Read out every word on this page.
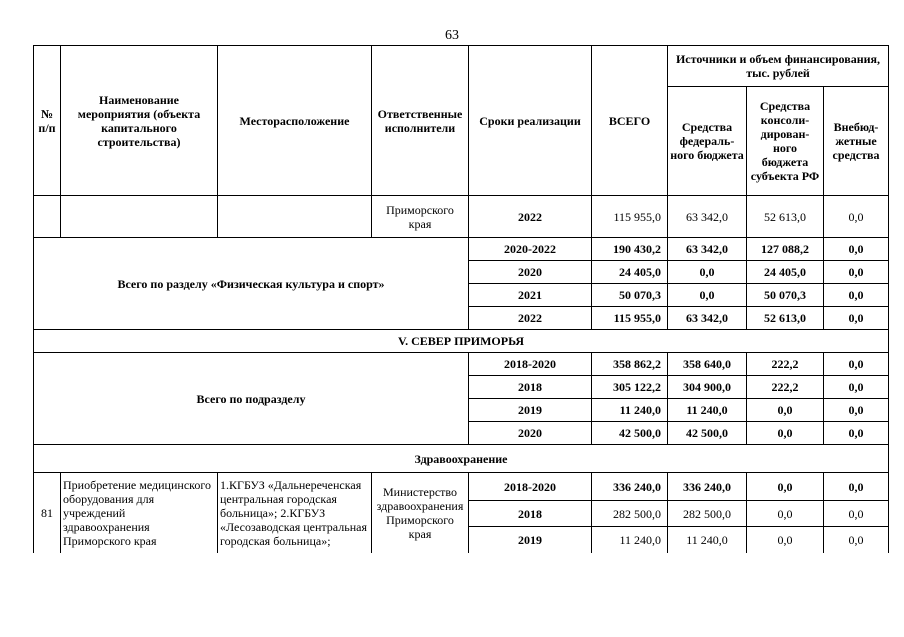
63
№ п/п	Наименование мероприятия (объекта капитального строительства)	Месторасположение	Ответственные исполнители	Сроки реализации	ВСЕГО	Источники и объем финансирования, тыс. рублей		
						Средства федераль-ного бюджета	Средства консоли-дирован-ного бюджета субъекта РФ	Внебюд-жетные средства
			Приморского края	2022	115 955,0	63 342,0	52 613,0	0,0
Всего по разделу «Физическая культура и спорт»				2020-2022	190 430,2	63 342,0	127 088,2	0,0
				2020	24 405,0	0,0	24 405,0	0,0
				2021	50 070,3	0,0	50 070,3	0,0
				2022	115 955,0	63 342,0	52 613,0	0,0
V. СЕВЕР ПРИМОРЬЯ								
Всего по подразделу				2018-2020	358 862,2	358 640,0	222,2	0,0
				2018	305 122,2	304 900,0	222,2	0,0
				2019	11 240,0	11 240,0	0,0	0,0
				2020	42 500,0	42 500,0	0,0	0,0
Здравоохранение								
81	Приобретение медицинского оборудования для учреждений здравоохранения Приморского края	1.КГБУЗ «Дальнереченская центральная городская больница»; 2.КГБУЗ «Лесозаводская центральная городская больница»;	Министерство здравоохранения Приморского края	2018-2020	336 240,0	336 240,0	0,0	0,0
				2018	282 500,0	282 500,0	0,0	0,0
				2019	11 240,0	11 240,0	0,0	0,0
